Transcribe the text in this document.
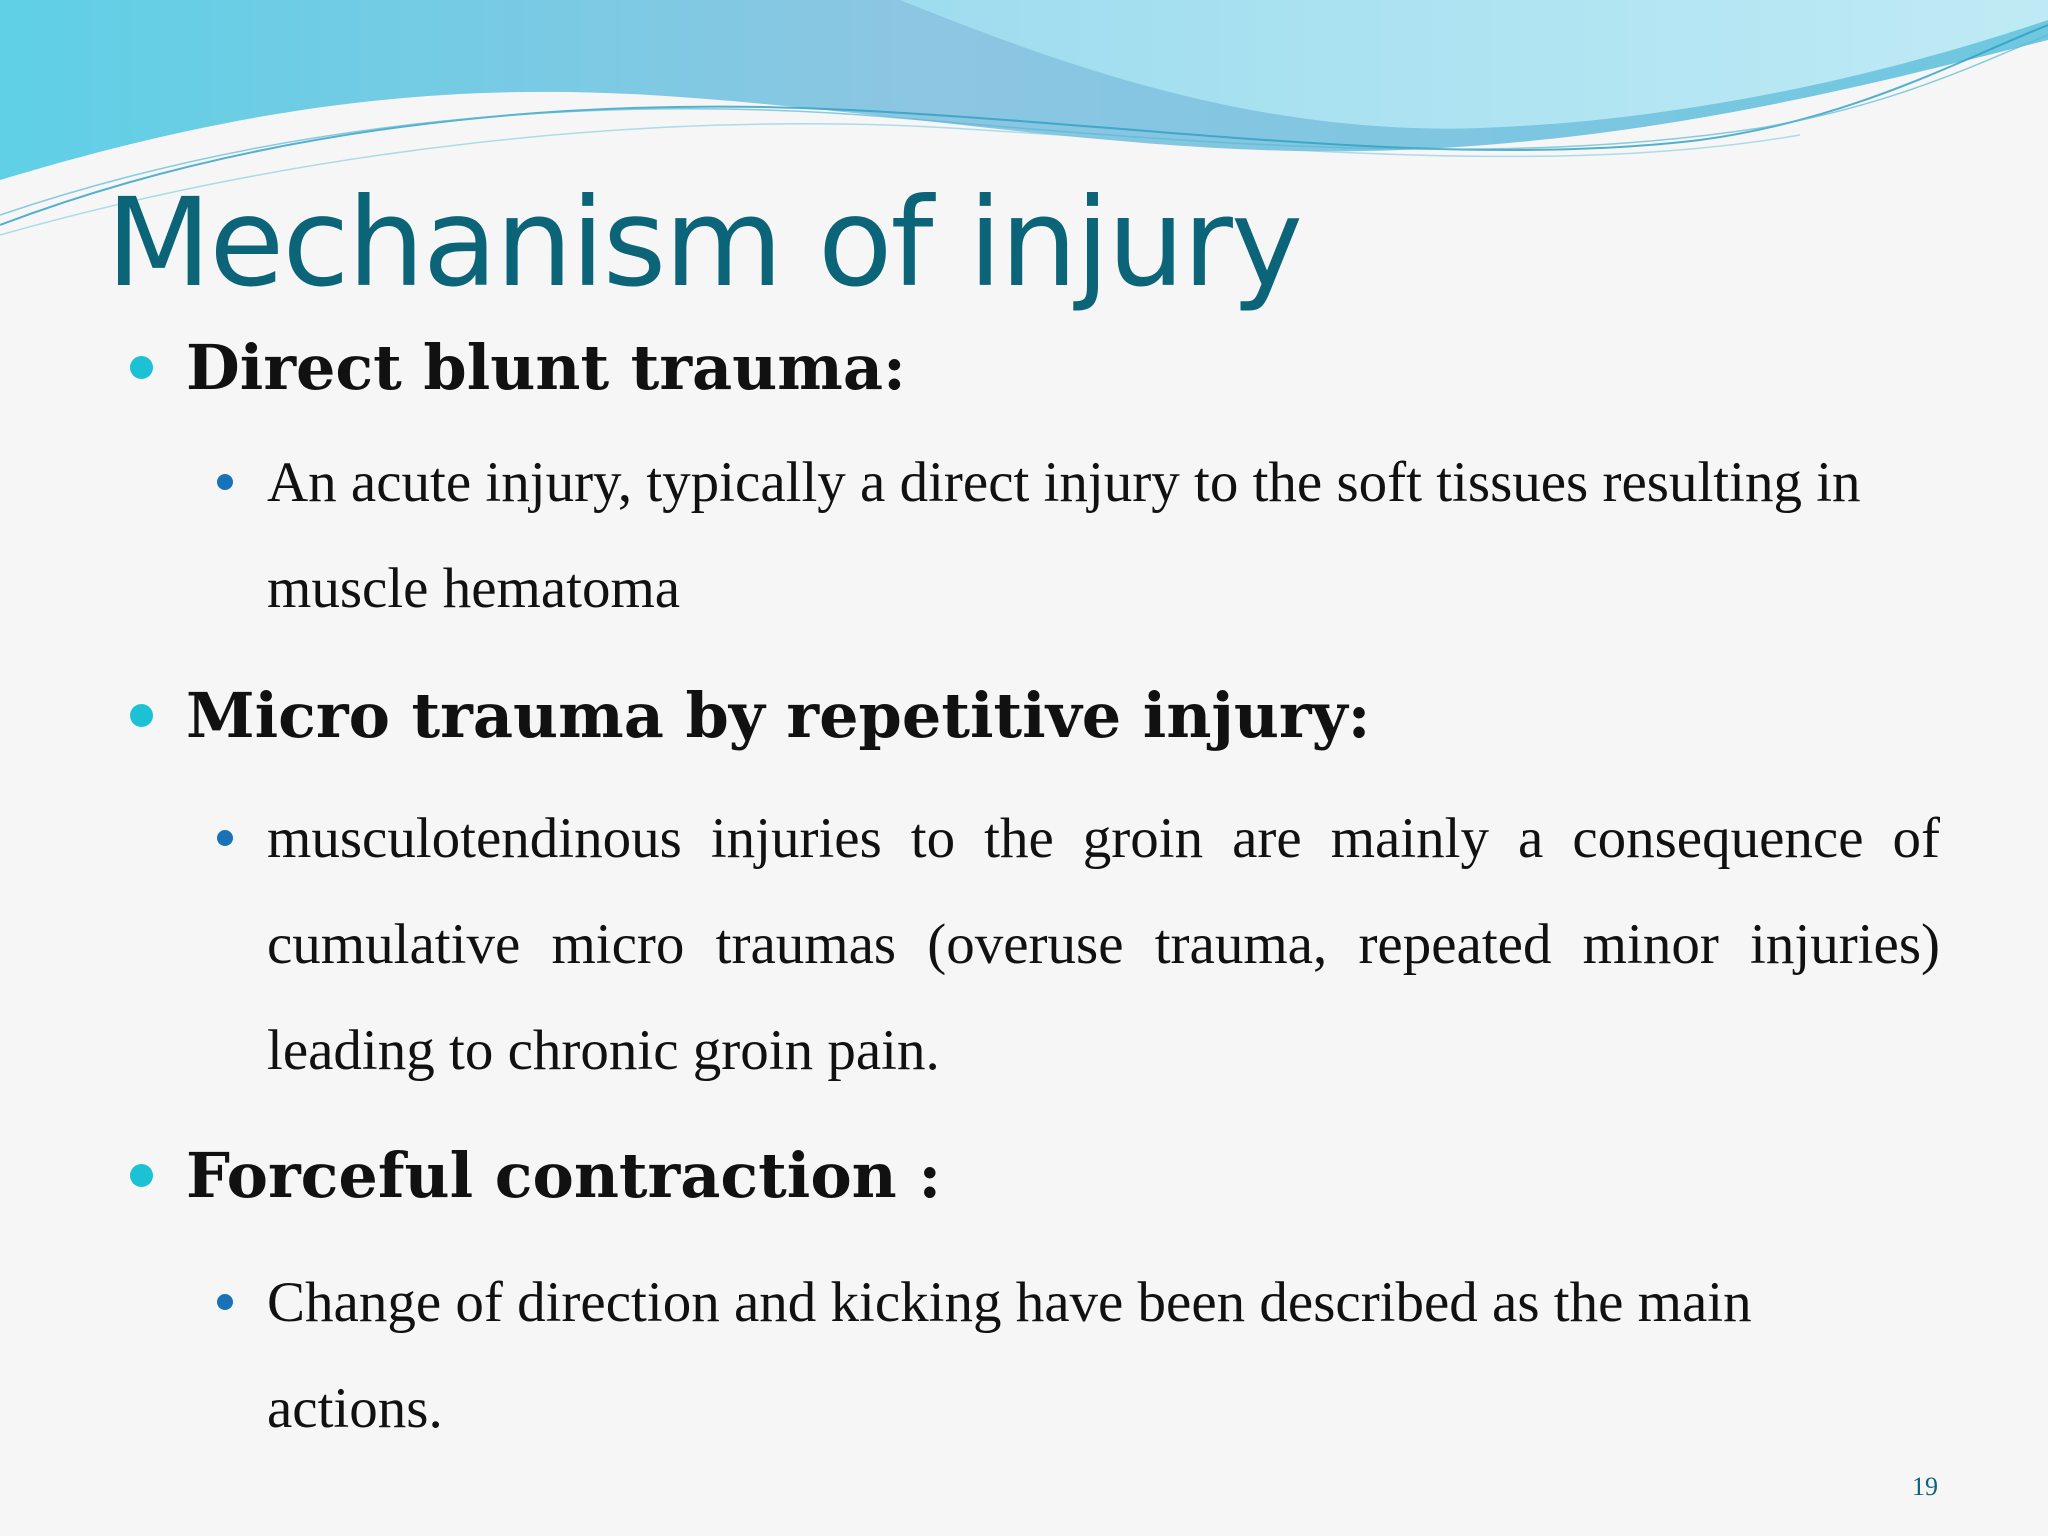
Mechanism of injury
Direct blunt trauma:
An acute injury, typically a direct injury to the soft tissues resulting in muscle hematoma
Micro trauma by repetitive injury:
musculotendinous injuries to the groin are mainly a consequence of cumulative micro traumas (overuse trauma, repeated minor injuries) leading to chronic groin pain.
Forceful contraction :
Change of direction and kicking have been described as the main actions.
19
